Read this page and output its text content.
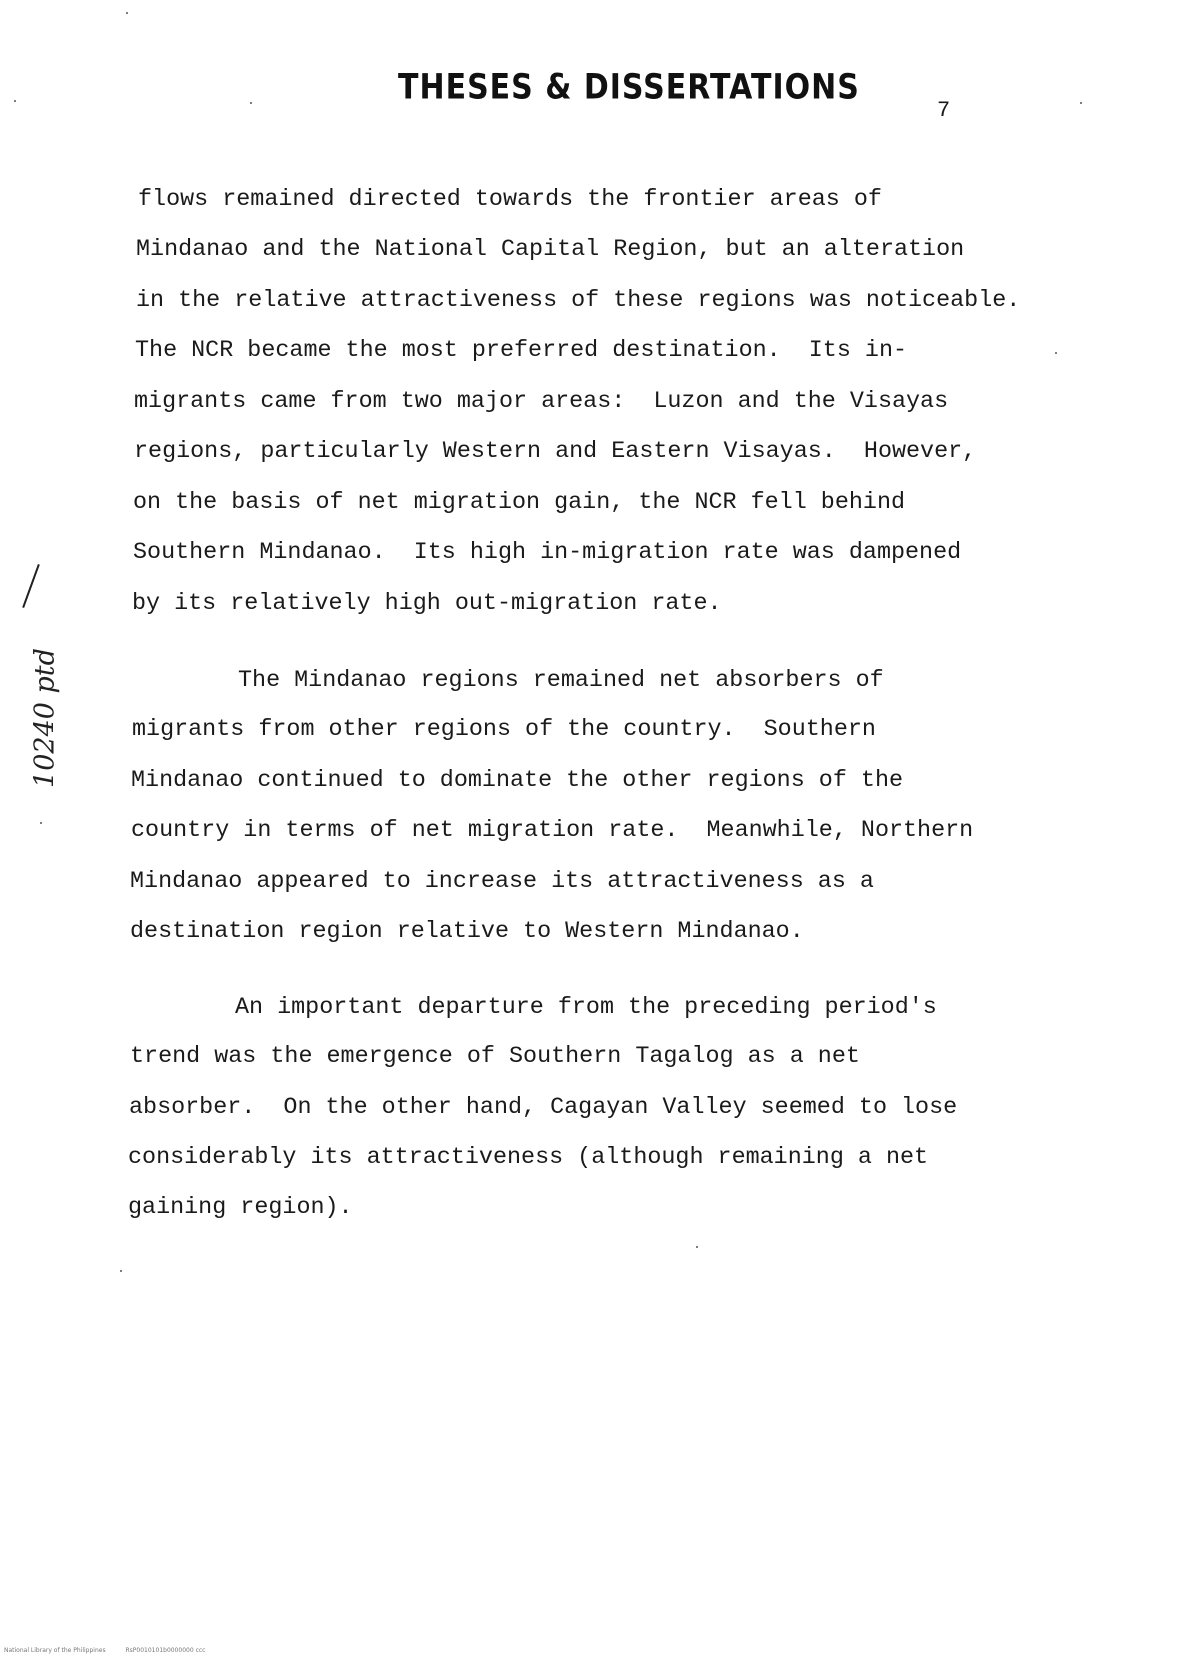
THESES & DISSERTATIONS
7
10240 ptd
flows remained directed towards the frontier areas of
Mindanao and the National Capital Region, but an alteration
in the relative attractiveness of these regions was noticeable.
The NCR became the most preferred destination.  Its in-
migrants came from two major areas:  Luzon and the Visayas
regions, particularly Western and Eastern Visayas.  However,
on the basis of net migration gain, the NCR fell behind
Southern Mindanao.  Its high in-migration rate was dampened
by its relatively high out-migration rate.
The Mindanao regions remained net absorbers of
migrants from other regions of the country.  Southern
Mindanao continued to dominate the other regions of the
country in terms of net migration rate.  Meanwhile, Northern
Mindanao appeared to increase its attractiveness as a
destination region relative to Western Mindanao.
An important departure from the preceding period's
trend was the emergence of Southern Tagalog as a net
absorber.  On the other hand, Cagayan Valley seemed to lose
considerably its attractiveness (although remaining a net
gaining region).
National Library of the Philippines	RsP0010101b0000000 ccc
